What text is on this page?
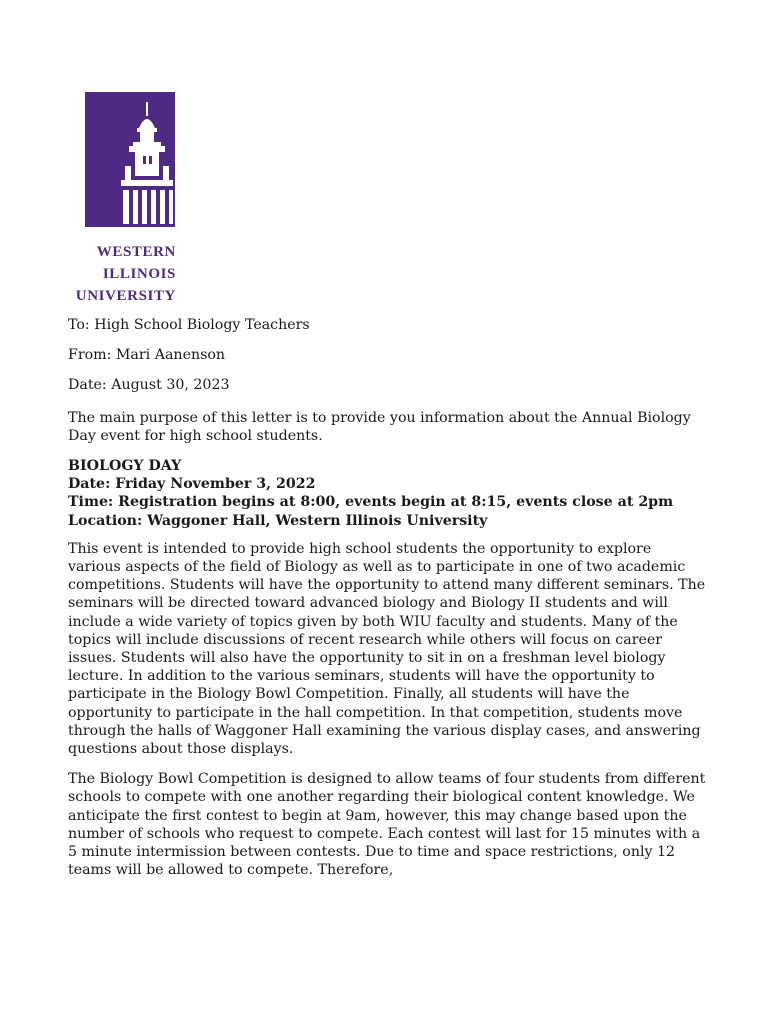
WESTERN
ILLINOIS
UNIVERSITY
To: High School Biology Teachers
From: Mari Aanenson
Date: August 30, 2023
The main purpose of this letter is to provide you information about the Annual Biology Day event for high school students.
BIOLOGY DAY
Date: Friday November 3, 2022
Time: Registration begins at 8:00, events begin at 8:15, events close at 2pm
Location: Waggoner Hall, Western Illinois University
This event is intended to provide high school students the opportunity to explore various aspects of the field of Biology as well as to participate in one of two academic competitions. Students will have the opportunity to attend many different seminars. The seminars will be directed toward advanced biology and Biology II students and will include a wide variety of topics given by both WIU faculty and students. Many of the topics will include discussions of recent research while others will focus on career issues. Students will also have the opportunity to sit in on a freshman level biology lecture. In addition to the various seminars, students will have the opportunity to participate in the Biology Bowl Competition. Finally, all students will have the opportunity to participate in the hall competition. In that competition, students move through the halls of Waggoner Hall examining the various display cases, and answering questions about those displays.
The Biology Bowl Competition is designed to allow teams of four students from different schools to compete with one another regarding their biological content knowledge. We anticipate the first contest to begin at 9am, however, this may change based upon the number of schools who request to compete. Each contest will last for 15 minutes with a 5 minute intermission between contests. Due to time and space restrictions, only 12 teams will be allowed to compete. Therefore,
